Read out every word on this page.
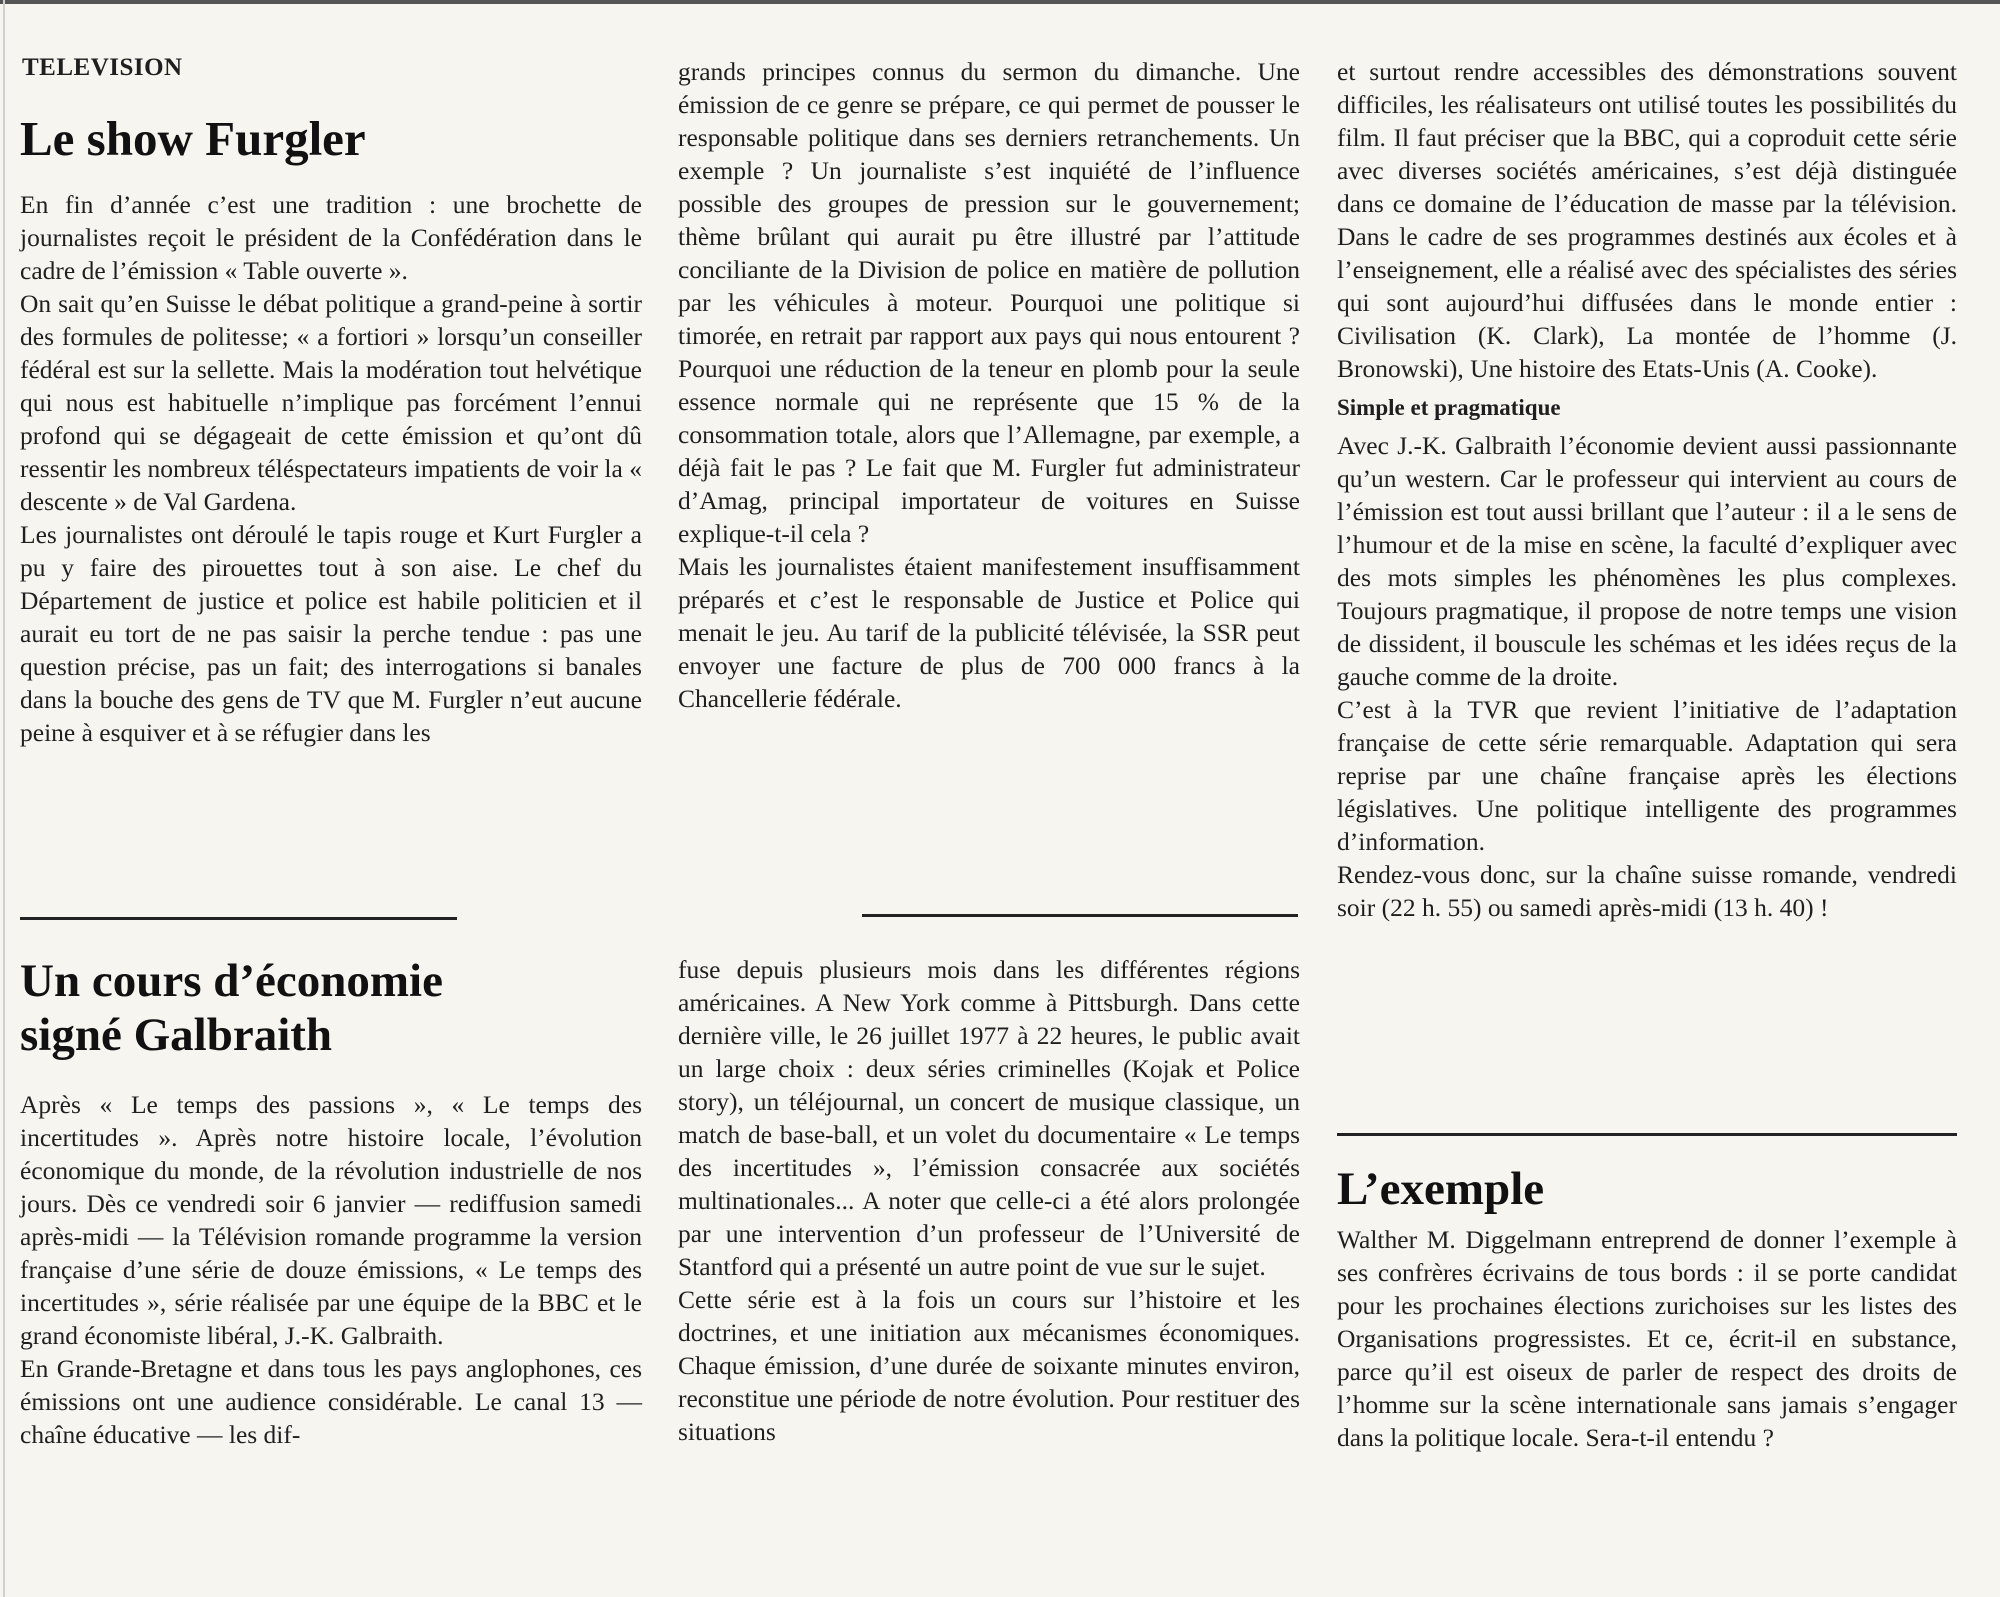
TELEVISION
Le show Furgler

En fin d’année c’est une tradition : une brochette de journalistes reçoit le président de la Confédération dans le cadre de l’émission « Table ouverte ».

On sait qu’en Suisse le débat politique a grand-peine à sortir des formules de politesse; « a fortiori » lorsqu’un conseiller fédéral est sur la sellette. Mais la modération tout helvétique qui nous est habituelle n’implique pas forcément l’ennui profond qui se dégageait de cette émission et qu’ont dû ressentir les nombreux téléspectateurs impatients de voir la « descente » de Val Gardena.

Les journalistes ont déroulé le tapis rouge et Kurt Furgler a pu y faire des pirouettes tout à son aise. Le chef du Département de justice et police est habile politicien et il aurait eu tort de ne pas saisir la perche tendue : pas une question précise, pas un fait; des interrogations si banales dans la bouche des gens de TV que M. Furgler n’eut aucune peine à esquiver et à se réfugier dans les

grands principes connus du sermon du dimanche. Une émission de ce genre se prépare, ce qui permet de pousser le responsable politique dans ses derniers retranchements. Un exemple ? Un journaliste s’est inquiété de l’influence possible des groupes de pression sur le gouvernement; thème brûlant qui aurait pu être illustré par l’attitude conciliante de la Division de police en matière de pollution par les véhicules à moteur. Pourquoi une politique si timorée, en retrait par rapport aux pays qui nous entourent ? Pourquoi une réduction de la teneur en plomb pour la seule essence normale qui ne représente que 15 % de la consommation totale, alors que l’Allemagne, par exemple, a déjà fait le pas ? Le fait que M. Furgler fut administrateur d’Amag, principal importateur de voitures en Suisse explique-t-il cela ?

Mais les journalistes étaient manifestement insuffisamment préparés et c’est le responsable de Justice et Police qui menait le jeu. Au tarif de la publicité télévisée, la SSR peut envoyer une facture de plus de 700 000 francs à la Chancellerie fédérale.

Un cours d’économie
signé Galbraith

Après « Le temps des passions », « Le temps des incertitudes ». Après notre histoire locale, l’évolution économique du monde, de la révolution industrielle de nos jours. Dès ce vendredi soir 6 janvier — rediffusion samedi après-midi — la Télévision romande programme la version française d’une série de douze émissions, « Le temps des incertitudes », série réalisée par une équipe de la BBC et le grand économiste libéral, J.-K. Galbraith.

En Grande-Bretagne et dans tous les pays anglophones, ces émissions ont une audience considérable. Le canal 13 — chaîne éducative — les dif-

fuse depuis plusieurs mois dans les différentes régions américaines. A New York comme à Pittsburgh. Dans cette dernière ville, le 26 juillet 1977 à 22 heures, le public avait un large choix : deux séries criminelles (Kojak et Police story), un téléjournal, un concert de musique classique, un match de base-ball, et un volet du documentaire « Le temps des incertitudes », l’émission consacrée aux sociétés multinationales... A noter que celle-ci a été alors prolongée par une intervention d’un professeur de l’Université de Stantford qui a présenté un autre point de vue sur le sujet.

Cette série est à la fois un cours sur l’histoire et les doctrines, et une initiation aux mécanismes économiques. Chaque émission, d’une durée de soixante minutes environ, reconstitue une période de notre évolution. Pour restituer des situations

et surtout rendre accessibles des démonstrations souvent difficiles, les réalisateurs ont utilisé toutes les possibilités du film. Il faut préciser que la BBC, qui a coproduit cette série avec diverses sociétés américaines, s’est déjà distinguée dans ce domaine de l’éducation de masse par la télévision. Dans le cadre de ses programmes destinés aux écoles et à l’enseignement, elle a réalisé avec des spécialistes des séries qui sont aujourd’hui diffusées dans le monde entier : Civilisation (K. Clark), La montée de l’homme (J. Bronowski), Une histoire des Etats-Unis (A. Cooke).

Simple et pragmatique

Avec J.-K. Galbraith l’économie devient aussi passionnante qu’un western. Car le professeur qui intervient au cours de l’émission est tout aussi brillant que l’auteur : il a le sens de l’humour et de la mise en scène, la faculté d’expliquer avec des mots simples les phénomènes les plus complexes. Toujours pragmatique, il propose de notre temps une vision de dissident, il bouscule les schémas et les idées reçus de la gauche comme de la droite.

C’est à la TVR que revient l’initiative de l’adaptation française de cette série remarquable. Adaptation qui sera reprise par une chaîne française après les élections législatives. Une politique intelligente des programmes d’information.

Rendez-vous donc, sur la chaîne suisse romande, vendredi soir (22 h. 55) ou samedi après-midi (13 h. 40) !

L’exemple

Walther M. Diggelmann entreprend de donner l’exemple à ses confrères écrivains de tous bords : il se porte candidat pour les prochaines élections zurichoises sur les listes des Organisations progressistes. Et ce, écrit-il en substance, parce qu’il est oiseux de parler de respect des droits de l’homme sur la scène internationale sans jamais s’engager dans la politique locale. Sera-t-il entendu ?
